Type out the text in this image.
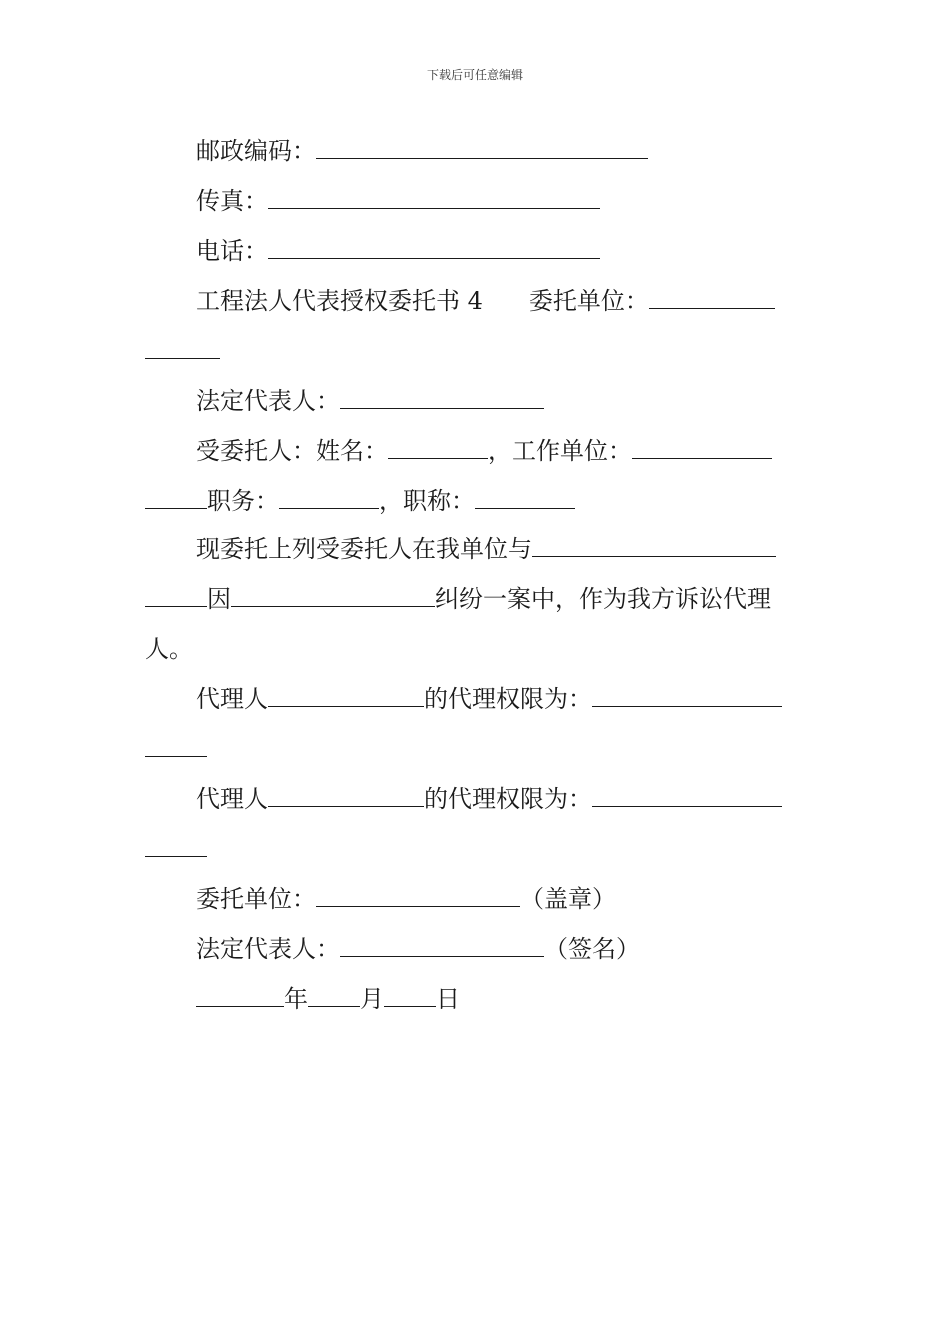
下载后可任意编辑
邮政编码：
传真：
电话：
工程法人代表授权委托书 4 委托单位：
法定代表人：
受委托人：姓名：	，工作单位：
职务：	，职称：
现委托上列受委托人在我单位与
因	纠纷一案中，作为我方诉讼代理
人。
代理人	的代理权限为：
代理人	的代理权限为：
委托单位：	（盖章）
法定代表人：	（签名）
年 月 日
